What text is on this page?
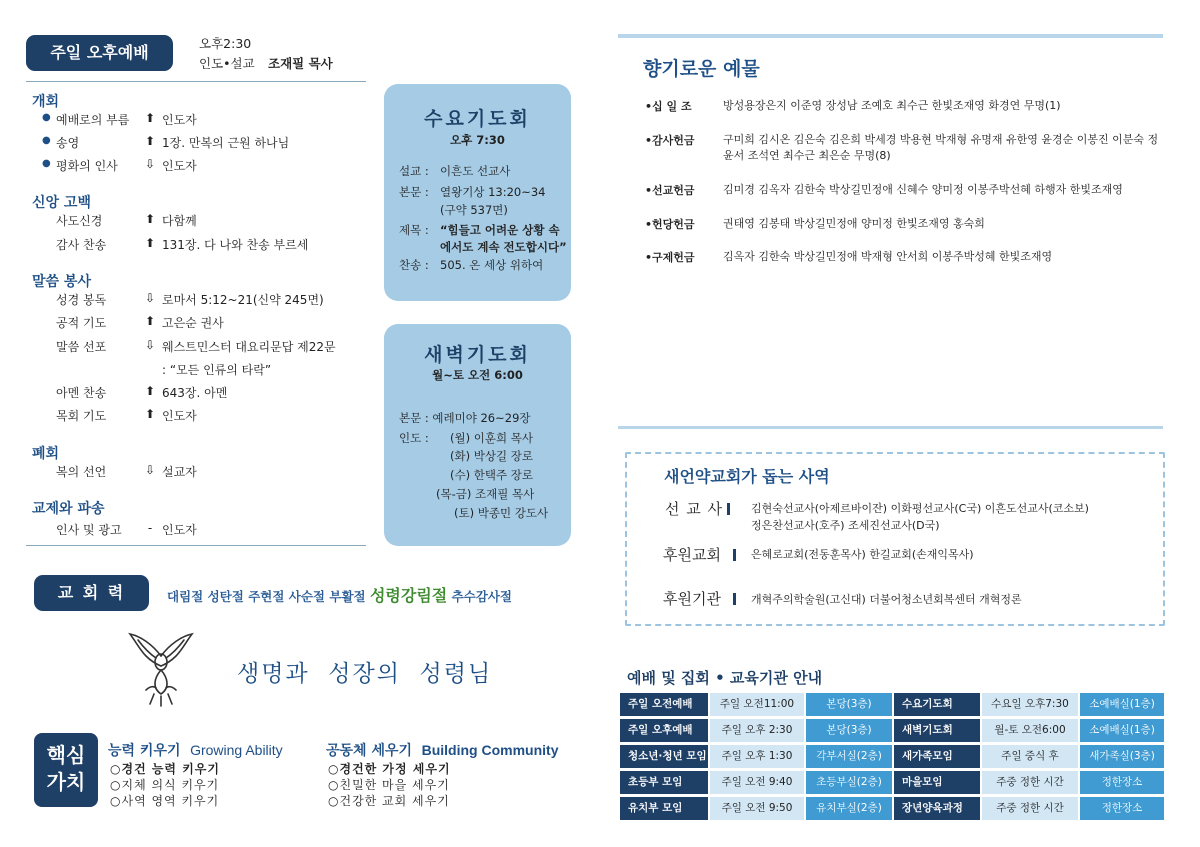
주일 오후예배	오후2:30
인도•설교 조재필 목사
개회
● 예배로의 부름 ⬆ 인도자
● 송영	⬆ 1장. 만복의 근원 하나님
● 평화의 인사 ⇩ 인도자
신앙 고백
사도신경	⬆ 다함께
감사 찬송	⬆ 131장. 다 나와 찬송 부르세
말씀 봉사
성경 봉독	⇩ 로마서 5:12~21(신약 245면)
공적 기도	⬆ 고은순 권사
말씀 선포	⇩ 웨스트민스터 대요리문답 제22문
: “모든 인류의 타락”
아멘 찬송	⬆ 643장. 아멘
목회 기도	⬆ 인도자
폐회
복의 선언	⇩ 설교자
교제와 파송
인사 및 광고	- 인도자
수요기도회
오후 7:30
설교 : 이흔도 선교사
본문 : 열왕기상 13:20~34
(구약 537면)
제목 : “힘들고 어려운 상황 속
에서도 계속 전도합시다”
찬송 : 505. 온 세상 위하여
새벽기도회
월~토 오전 6:00
본문 : 예레미야 26~29장
인도 : (월) 이훈희 목사
(화) 박상길 장로
(수) 한택주 장로
(목-금) 조재필 목사
(토) 박종민 강도사
교 회 력	대림절 성탄절 주현절 사순절 부활절 성령강림절 추수감사절
생명과  성장의  성령님
핵심
가치
능력 키우기 Growing Ability
○경건 능력 키우기
○지체 의식 키우기
○사역 영역 키우기
공동체 세우기 Building Community
○경건한 가정 세우기
○친밀한 마을 세우기
○건강한 교회 세우기
향기로운 예물
•십 일 조	방성용장은지 이준영 장성남 조예호 최수근 한빛조재영 화경연 무명(1)
•감사헌금	구미희 김시온 김은숙 김은희 박세경 박용현 박재형 유명재 유한영 윤경순 이봉진 이분숙 정윤서 조석연 최수근 최은순 무명(8)
•선교헌금	김미경 김옥자 김한숙 박상길민정애 신혜수 양미정 이봉주박선혜 하행자 한빛조재영
•헌당헌금	권태영 김봉태 박상길민정애 양미정 한빛조재영 홍숙희
•구제헌금	김옥자 김한숙 박상길민정애 박재형 안서희 이봉주박성혜 한빛조재영
새언약교회가 돕는 사역
선 교 사	김현숙선교사(아제르바이잔) 이화평선교사(C국) 이흔도선교사(코소보)
정은찬선교사(호주) 조세진선교사(D국)
후원교회	은혜로교회(전동훈목사) 한길교회(손재익목사)
후원기관	개혁주의학술원(고신대) 더불어청소년회복센터 개혁정론
예배 및 집회 • 교육기관 안내
주일 오전예배	주일 오전11:00	본당(3층)	수요기도회	수요일 오후7:30	소예배실(1층)
주일 오후예배	주일 오후 2:30	본당(3층)	새벽기도회	월-토 오전6:00	소예배실(1층)
청소년·청년 모임	주일 오후 1:30	각부서실(2층)	새가족모임	주일 중식 후	새가족실(3층)
초등부 모임	주일 오전 9:40	초등부실(2층)	마을모임	주중 정한 시간	정한장소
유치부 모임	주일 오전 9:50	유치부실(2층)	장년양육과정	주중 정한 시간	정한장소
